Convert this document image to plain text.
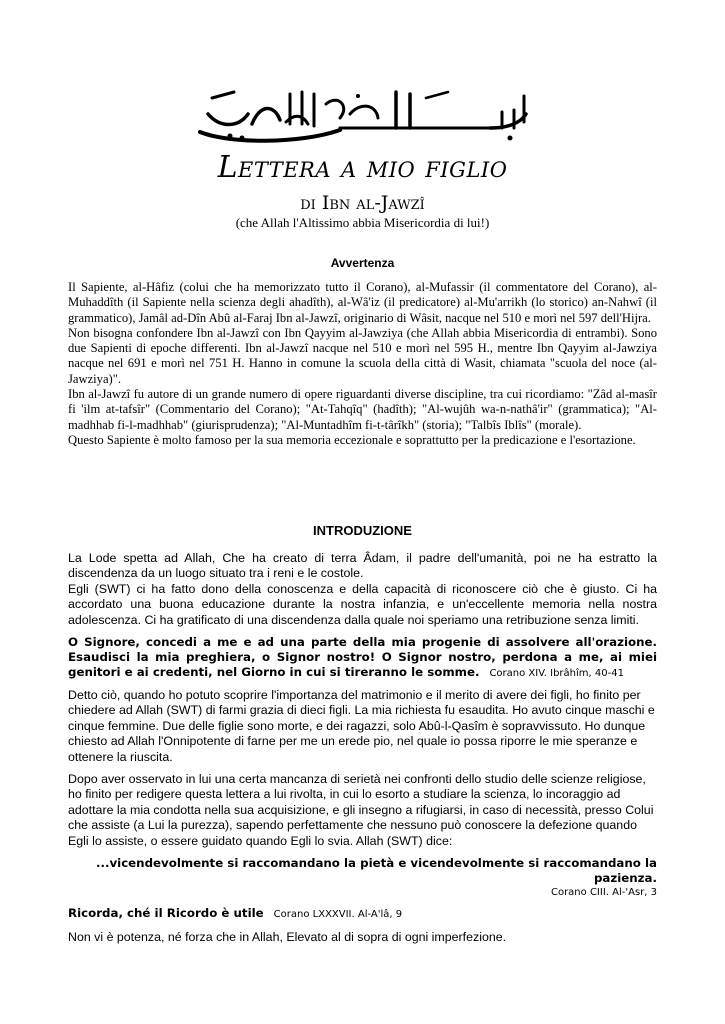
Lettera a mio figlio
di Ibn al-Jawzî
(che Allah l'Altissimo abbia Misericordia di lui!)
Avvertenza

Il Sapiente, al-Hâfiz (colui che ha memorizzato tutto il Corano), al-Mufassir (il commentatore del Corano), al-Muhaddîth (il Sapiente nella scienza degli ahadîth), al-Wâ'iz (il predicatore) al-Mu'arrikh (lo storico) an-Nahwî (il grammatico), Jamâl ad-Dîn Abû al-Faraj Ibn al-Jawzî, originario di Wâsit, nacque nel 510 e morì nel 597 dell'Hijra.

Non bisogna confondere Ibn al-Jawzî con Ibn Qayyim al-Jawziya (che Allah abbia Misericordia di entrambi). Sono due Sapienti di epoche differenti. Ibn al-Jawzî nacque nel 510 e morì nel 595 H., mentre Ibn Qayyim al-Jawziya nacque nel 691 e morì nel 751 H. Hanno in comune la scuola della città di Wasit, chiamata "scuola del noce (al-Jawziya)".

Ibn al-Jawzî fu autore di un grande numero di opere riguardanti diverse discipline, tra cui ricordiamo: "Zâd al-masîr fi 'ilm at-tafsîr" (Commentario del Corano); "At-Tahqîq" (hadîth); "Al-wujûh wa-n-nathâ'ir" (grammatica); "Al-madhhab fi-l-madhhab" (giurisprudenza); "Al-Muntadhîm fi-t-târîkh" (storia); "Talbîs Iblîs" (morale).

Questo Sapiente è molto famoso per la sua memoria eccezionale e soprattutto per la predicazione e l'esortazione.

INTRODUZIONE

La Lode spetta ad Allah, Che ha creato di terra Âdam, il padre dell'umanità, poi ne ha estratto la discendenza da un luogo situato tra i reni e le costole.

Egli (SWT) ci ha fatto dono della conoscenza e della capacità di riconoscere ciò che è giusto. Ci ha accordato una buona educazione durante la nostra infanzia, e un'eccellente memoria nella nostra adolescenza. Ci ha gratificato di una discendenza dalla quale noi speriamo una retribuzione senza limiti.

O Signore, concedi a me e ad una parte della mia progenie di assolvere all'orazione. Esaudisci la mia preghiera, o Signor nostro! O Signor nostro, perdona a me, ai miei genitori e ai credenti, nel Giorno in cui si tireranno le somme. Corano XIV. Ibrâhîm, 40-41

Detto ciò, quando ho potuto scoprire l'importanza del matrimonio e il merito di avere dei figli, ho finito per chiedere ad Allah (SWT) di farmi grazia di dieci figli. La mia richiesta fu esaudita. Ho avuto cinque maschi e cinque femmine. Due delle figlie sono morte, e dei ragazzi, solo Abû-l-Qasîm è sopravvissuto. Ho dunque chiesto ad Allah l'Onnipotente di farne per me un erede pio, nel quale io possa riporre le mie speranze e ottenere la riuscita.

Dopo aver osservato in lui una certa mancanza di serietà nei confronti dello studio delle scienze religiose, ho finito per redigere questa lettera a lui rivolta, in cui lo esorto a studiare la scienza, lo incoraggio ad adottare la mia condotta nella sua acquisizione, e gli insegno a rifugiarsi, in caso di necessità, presso Colui che assiste (a Lui la purezza), sapendo perfettamente che nessuno può conoscere la defezione quando Egli lo assiste, o essere guidato quando Egli lo svia. Allah (SWT) dice:

...vicendevolmente si raccomandano la pietà e vicendevolmente si raccomandano la pazienza.

Corano CIII. Al-'Asr, 3

Ricorda, ché il Ricordo è utile Corano LXXXVII. Al-A'lâ, 9

Non vi è potenza, né forza che in Allah, Elevato al di sopra di ogni imperfezione.
